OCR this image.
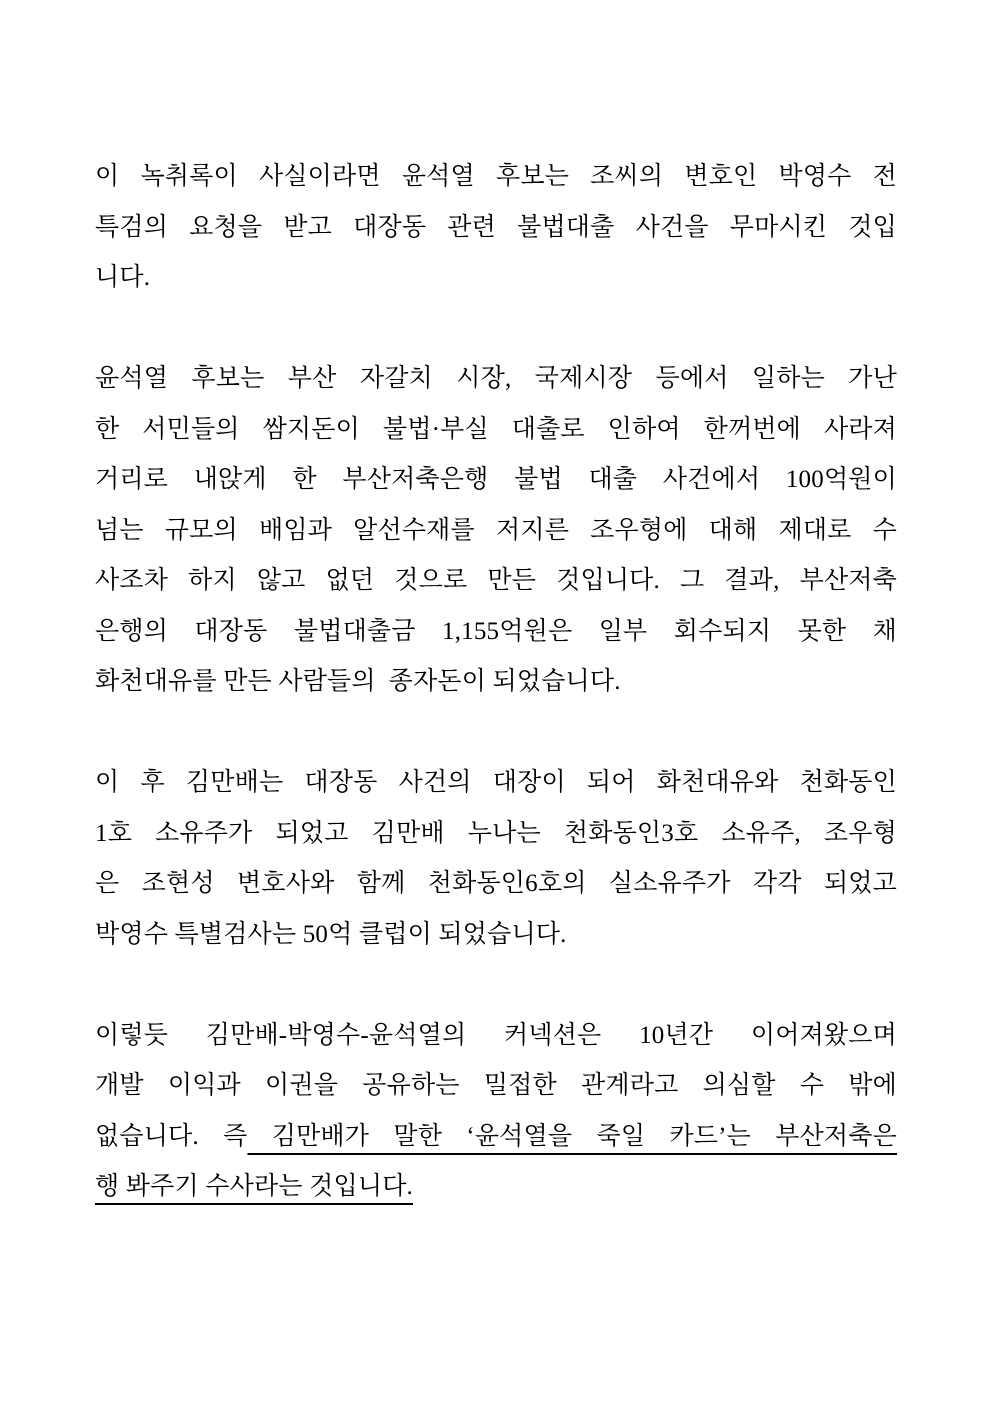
이 녹취록이 사실이라면 윤석열 후보는 조씨의 변호인 박영수 전
특검의 요청을 받고 대장동 관련 불법대출 사건을 무마시킨 것입
니다.
윤석열 후보는 부산 자갈치 시장, 국제시장 등에서 일하는 가난
한 서민들의 쌈지돈이 불법·부실 대출로 인하여 한꺼번에 사라져
거리로 내앉게 한 부산저축은행 불법 대출 사건에서 100억원이
넘는 규모의 배임과 알선수재를 저지른 조우형에 대해 제대로 수
사조차 하지 않고 없던 것으로 만든 것입니다. 그 결과, 부산저축
은행의 대장동 불법대출금 1,155억원은 일부 회수되지 못한 채
화천대유를 만든 사람들의  종자돈이 되었습니다.
이 후 김만배는 대장동 사건의 대장이 되어 화천대유와 천화동인
1호 소유주가 되었고 김만배 누나는 천화동인3호 소유주, 조우형
은 조현성 변호사와 함께 천화동인6호의 실소유주가 각각 되었고
박영수 특별검사는 50억 클럽이 되었습니다.
이렇듯 김만배-박영수-윤석열의 커넥션은 10년간 이어져왔으며
개발 이익과 이권을 공유하는 밀접한 관계라고 의심할 수 밖에
없습니다. 즉 김만배가 말한 ‘윤석열을 죽일 카드’는 부산저축은
행 봐주기 수사라는 것입니다.
